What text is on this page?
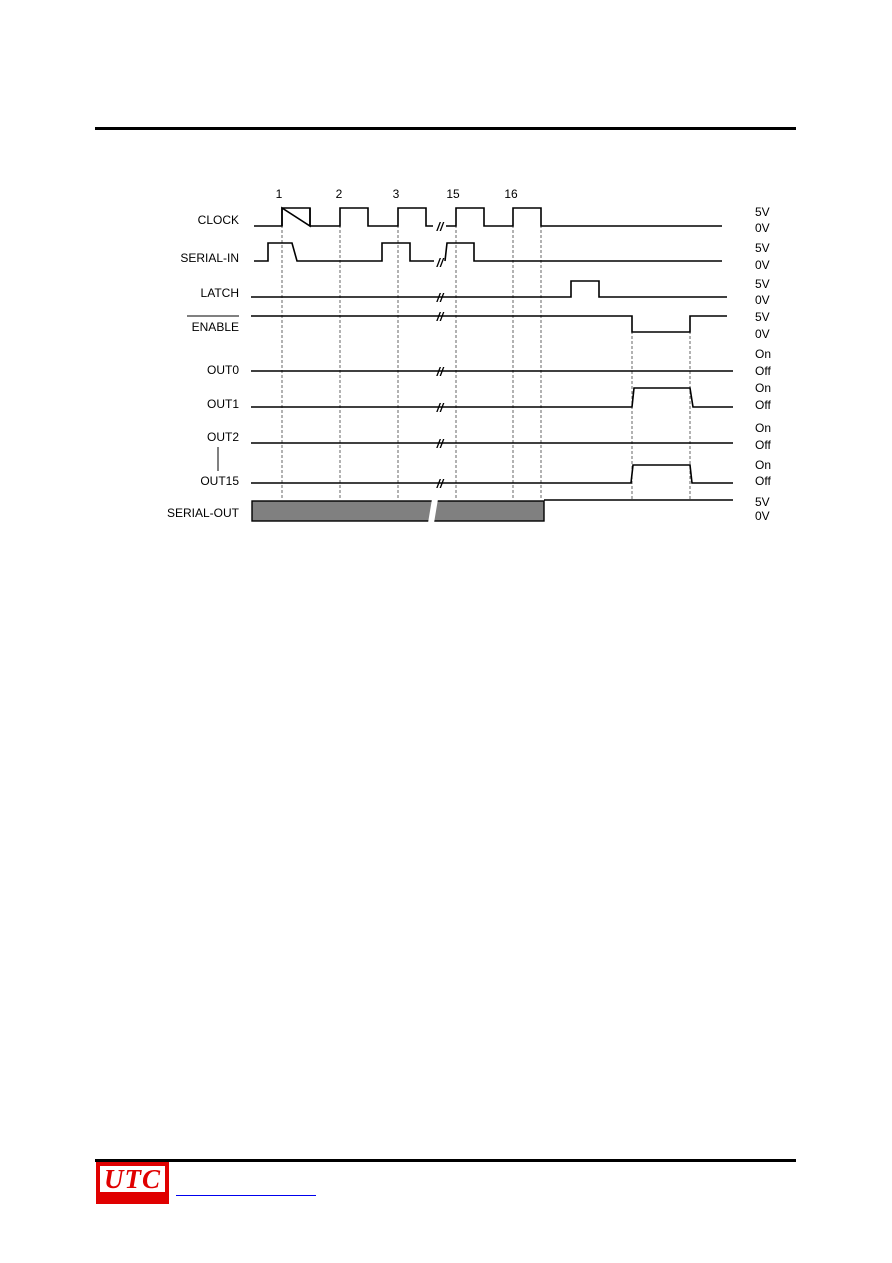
1	2	3	15	16
CLOCK
SERIAL-IN
LATCH
ENABLE
OUT0
OUT1
OUT2
OUT15
SERIAL-OUT
//
//
//
//
//
//
//
//
5V
0V
5V
0V
5V
0V
5V
0V
On
Off
On
Off
On
Off
On
Off
5V
0V
UTC
